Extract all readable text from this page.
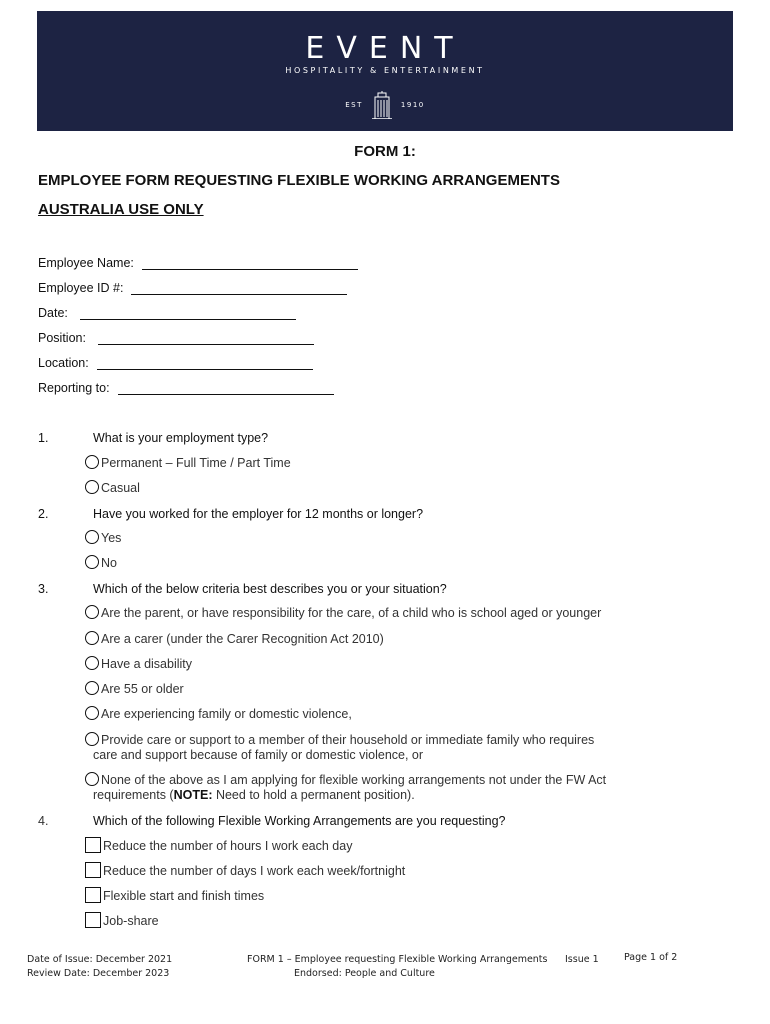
EVENT
HOSPITALITY & ENTERTAINMENT
EST	1910
FORM 1:
EMPLOYEE FORM REQUESTING FLEXIBLE WORKING ARRANGEMENTS
AUSTRALIA USE ONLY
Employee Name:
Employee ID #:
Date:
Position:
Location:
Reporting to:
1.	What is your employment type?
Permanent – Full Time / Part Time
Casual
2.	Have you worked for the employer for 12 months or longer?
Yes
No
3.	Which of the below criteria best describes you or your situation?
Are the parent, or have responsibility for the care, of a child who is school aged or younger
Are a carer (under the Carer Recognition Act 2010)
Have a disability
Are 55 or older
Are experiencing family or domestic violence,
Provide care or support to a member of their household or immediate family who requires
care and support because of family or domestic violence, or
None of the above as I am applying for flexible working arrangements not under the FW Act
requirements (NOTE: Need to hold a permanent position).
4.	Which of the following Flexible Working Arrangements are you requesting?
Reduce the number of hours I work each day
Reduce the number of days I work each week/fortnight
Flexible start and finish times
Job-share
Date of Issue: December 2021
Review Date: December 2023
FORM 1 – Employee requesting Flexible Working Arrangements
Endorsed: People and Culture
Issue 1	Page 1 of 2
